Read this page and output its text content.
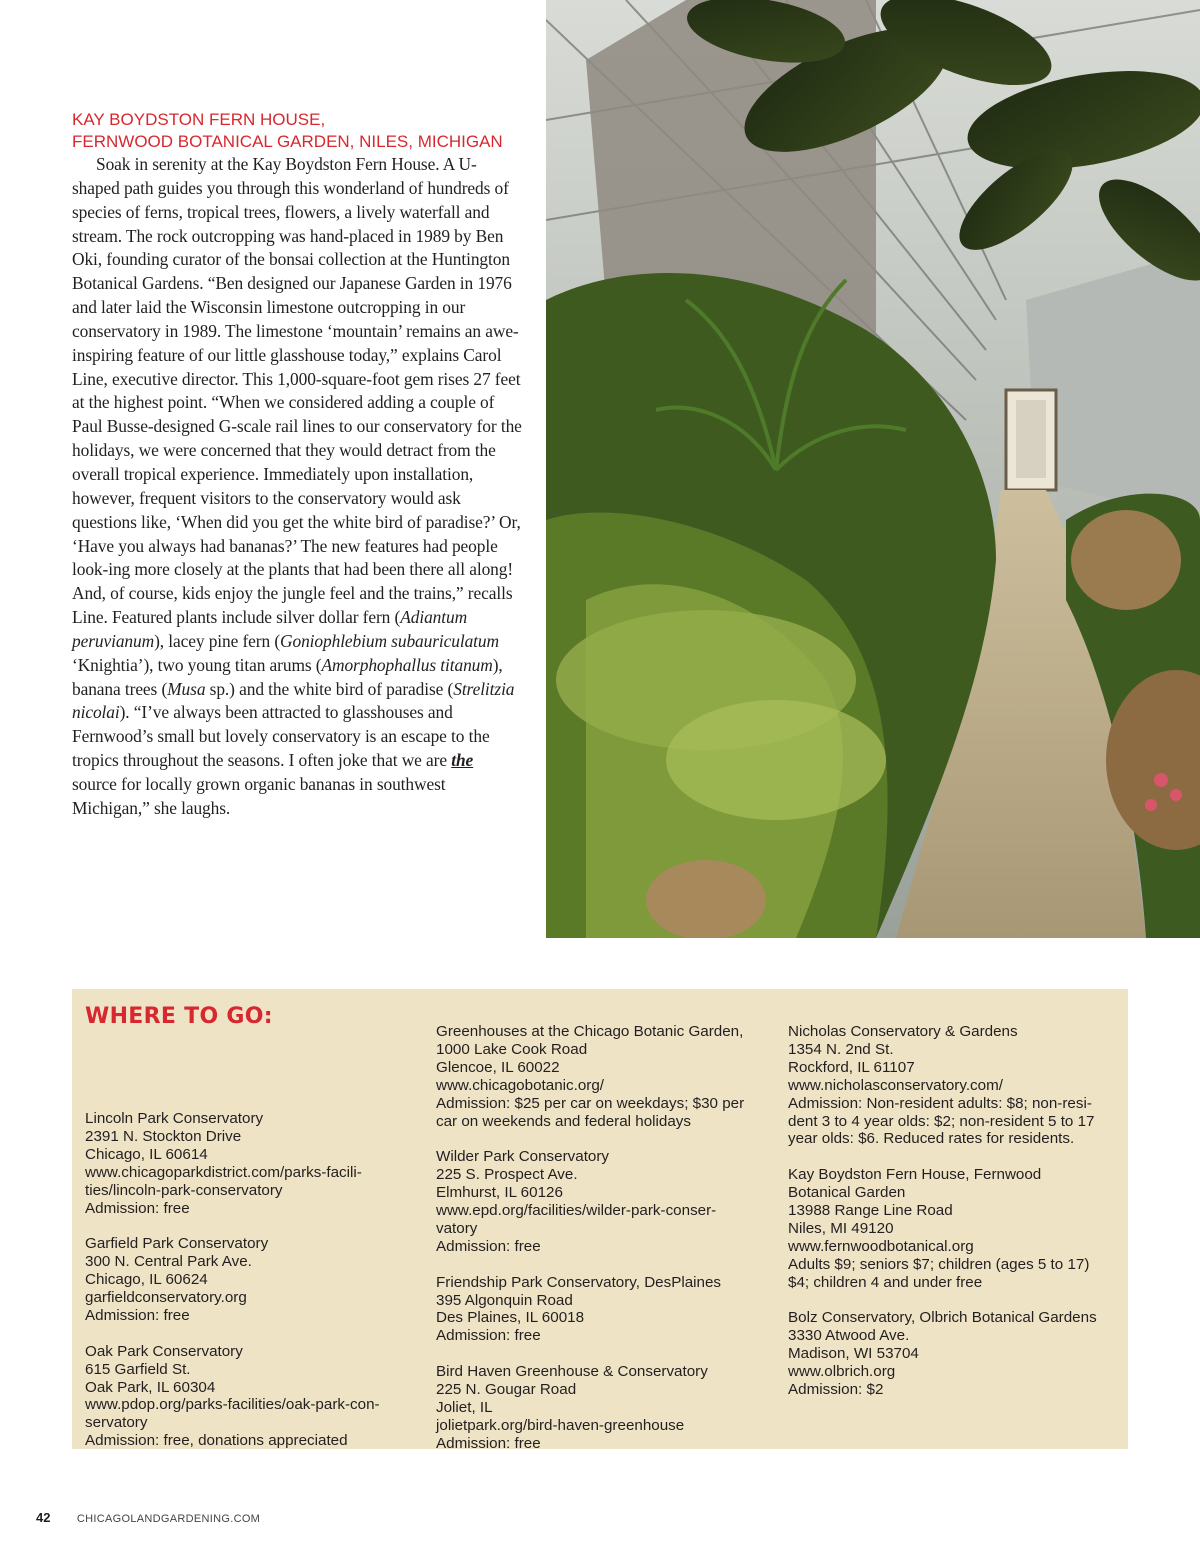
KAY BOYDSTON FERN HOUSE,
FERNWOOD BOTANICAL GARDEN, NILES, MICHIGAN

Soak in serenity at the Kay Boydston Fern House. A U-shaped path guides you through this wonderland of hundreds of species of ferns, tropical trees, flowers, a lively waterfall and stream. The rock outcropping was hand-placed in 1989 by Ben Oki, founding curator of the bonsai collection at the Huntington Botanical Gardens. “Ben designed our Japanese Garden in 1976 and later laid the Wisconsin limestone outcropping in our conservatory in 1989. The limestone ‘mountain’ remains an awe-inspiring feature of our little glasshouse today,” explains Carol Line, executive director. This 1,000-square-foot gem rises 27 feet at the highest point. “When we considered adding a couple of Paul Busse-designed G-scale rail lines to our conservatory for the holidays, we were concerned that they would detract from the overall tropical experience. Immediately upon installation, however, frequent visitors to the conservatory would ask questions like, ‘When did you get the white bird of paradise?’ Or, ‘Have you always had bananas?’ The new features had people look-ing more closely at the plants that had been there all along! And, of course, kids enjoy the jungle feel and the trains,” recalls Line. Featured plants include silver dollar fern (Adiantum peruvianum), lacey pine fern (Goniophlebium subauriculatum ‘Knightia’), two young titan arums (Amorphophallus titanum), banana trees (Musa sp.) and the white bird of paradise (Strelitzia nicolai). “I’ve always been attracted to glasshouses and Fernwood’s small but lovely conservatory is an escape to the tropics throughout the seasons. I often joke that we are the source for locally grown organic bananas in southwest Michigan,” she laughs.

WHERE TO GO:
Lincoln Park Conservatory
2391 N. Stockton Drive
Chicago, IL 60614
www.chicagoparkdistrict.com/parks-facili-
ties/lincoln-park-conservatory
Admission: free
Garfield Park Conservatory
300 N. Central Park Ave.
Chicago, IL 60624
garfieldconservatory.org
Admission: free
Oak Park Conservatory
615 Garfield St.
Oak Park, IL 60304
www.pdop.org/parks-facilities/oak-park-con-
servatory
Admission: free, donations appreciated
Greenhouses at the Chicago Botanic Garden,
1000 Lake Cook Road
Glencoe, IL 60022
www.chicagobotanic.org/
Admission: $25 per car on weekdays; $30 per
car on weekends and federal holidays
Wilder Park Conservatory
225 S. Prospect Ave.
Elmhurst, IL 60126
www.epd.org/facilities/wilder-park-conser-
vatory
Admission: free
Friendship Park Conservatory, DesPlaines
395 Algonquin Road
Des Plaines, IL 60018
Admission: free
Bird Haven Greenhouse & Conservatory
225 N. Gougar Road
Joliet, IL
jolietpark.org/bird-haven-greenhouse
Admission: free
Nicholas Conservatory & Gardens
1354 N. 2nd St.
Rockford, IL 61107
www.nicholasconservatory.com/
Admission: Non-resident adults: $8; non-resi-
dent 3 to 4 year olds: $2; non-resident 5 to 17
year olds: $6. Reduced rates for residents.
Kay Boydston Fern House, Fernwood
Botanical Garden
13988 Range Line Road
Niles, MI 49120
www.fernwoodbotanical.org
Adults $9; seniors $7; children (ages 5 to 17)
$4; children 4 and under free
Bolz Conservatory, Olbrich Botanical Gardens
3330 Atwood Ave.
Madison, WI 53704
www.olbrich.org
Admission: $2
42 CHICAGOLANDGARDENING.COM
